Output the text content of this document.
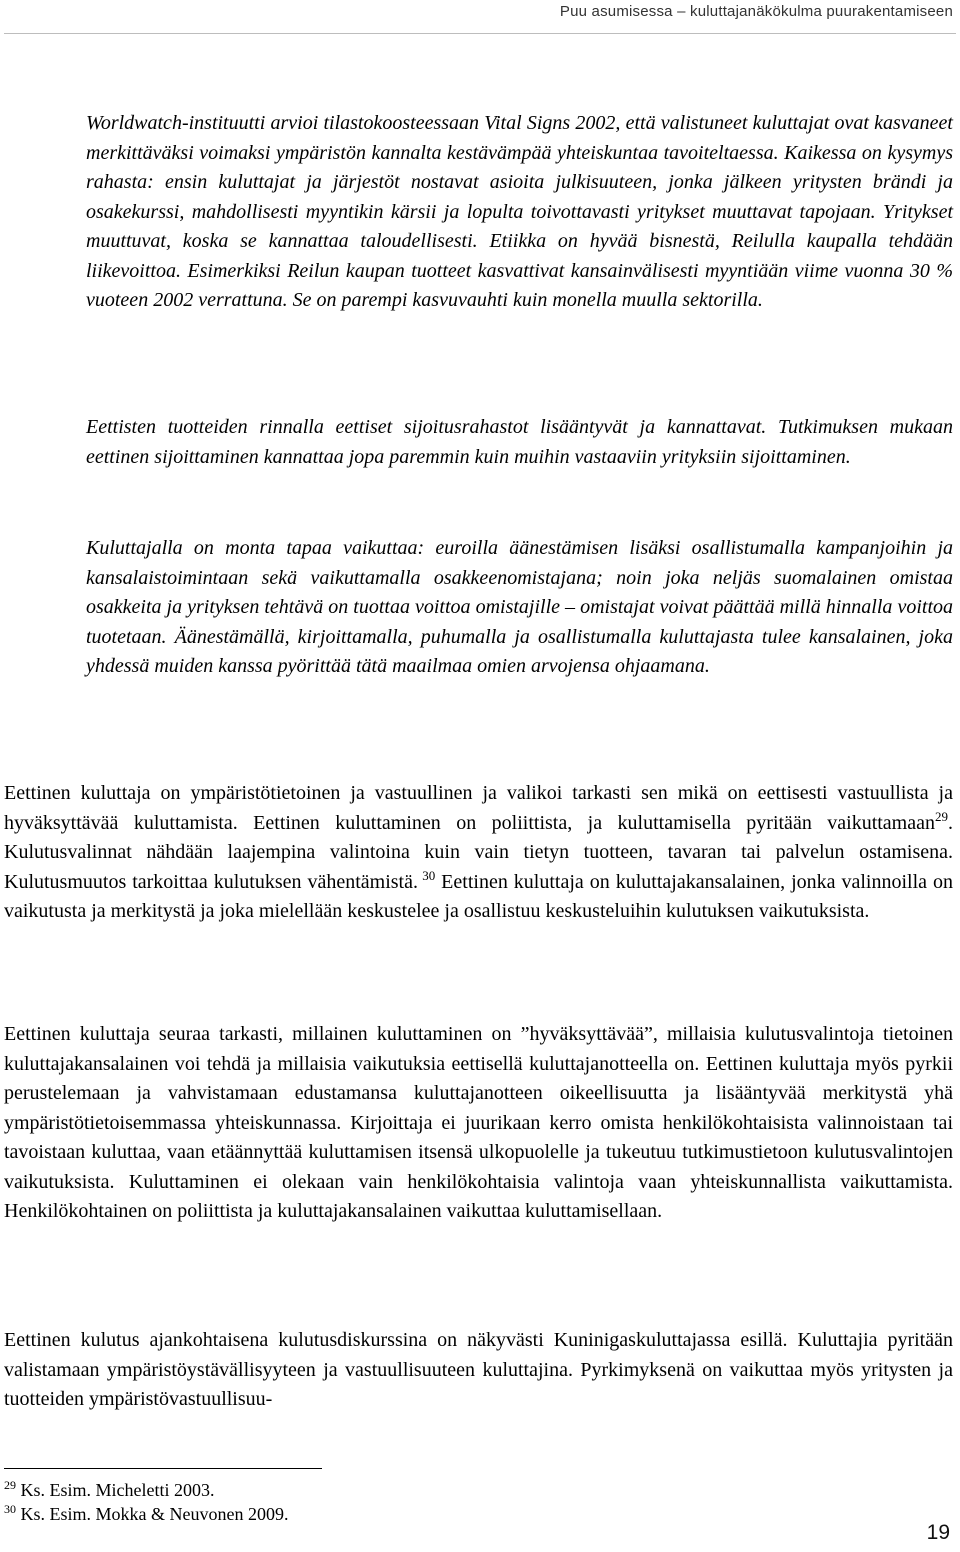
Puu asumisessa – kuluttajanäkökulma puurakentamiseen

Worldwatch-instituutti arvioi tilastokoosteessaan Vital Signs 2002, että valistuneet kuluttajat ovat kasvaneet merkittäväksi voimaksi ympäristön kannalta kestävämpää yhteiskuntaa tavoiteltaessa. Kaikessa on kysymys rahasta: ensin kuluttajat ja järjestöt nostavat asioita julkisuuteen, jonka jälkeen yritysten brändi ja osakekurssi, mahdollisesti myyntikin kärsii ja lopulta toivottavasti yritykset muuttavat tapojaan. Yritykset muuttuvat, koska se kannattaa taloudellisesti. Etiikka on hyvää bisnestä, Reilulla kaupalla tehdään liikevoittoa. Esimerkiksi Reilun kaupan tuotteet kasvattivat kansainvälisesti myyntiään viime vuonna 30 % vuoteen 2002 verrattuna. Se on parempi kasvuvauhti kuin monella muulla sektorilla.

Eettisten tuotteiden rinnalla eettiset sijoitusrahastot lisääntyvät ja kannattavat. Tutkimuksen mukaan eettinen sijoittaminen kannattaa jopa paremmin kuin muihin vastaaviin yrityksiin sijoittaminen.

Kuluttajalla on monta tapaa vaikuttaa: euroilla äänestämisen lisäksi osallistumalla kampanjoihin ja kansalaistoimintaan sekä vaikuttamalla osakkeenomistajana; noin joka neljäs suomalainen omistaa osakkeita ja yrityksen tehtävä on tuottaa voittoa omistajille – omistajat voivat päättää millä hinnalla voittoa tuotetaan. Äänestämällä, kirjoittamalla, puhumalla ja osallistumalla kuluttajasta tulee kansalainen, joka yhdessä muiden kanssa pyörittää tätä maailmaa omien arvojensa ohjaamana.

Eettinen kuluttaja on ympäristötietoinen ja vastuullinen ja valikoi tarkasti sen mikä on eettisesti vastuullista ja hyväksyttävää kuluttamista. Eettinen kuluttaminen on poliittista, ja kuluttamisella pyritään vaikuttamaan$^{29}$. Kulutusvalinnat nähdään laajempina valintoina kuin vain tietyn tuotteen, tavaran tai palvelun ostamisena. Kulutusmuutos tarkoittaa kulutuksen vähentämistä. $^{30}$ Eettinen kuluttaja on kuluttajakansalainen, jonka valinnoilla on vaikutusta ja merkitystä ja joka mielellään keskustelee ja osallistuu keskusteluihin kulutuksen vaikutuksista.

Eettinen kuluttaja seuraa tarkasti, millainen kuluttaminen on ”hyväksyttävää”, millaisia kulutusvalintoja tietoinen kuluttajakansalainen voi tehdä ja millaisia vaikutuksia eettisellä kuluttajanotteella on. Eettinen kuluttaja myös pyrkii perustelemaan ja vahvistamaan edustamansa kuluttajanotteen oikeellisuutta ja lisääntyvää merkitystä yhä ympäristötietoisemmassa yhteiskunnassa. Kirjoittaja ei juurikaan kerro omista henkilökohtaisista valinnoistaan tai tavoistaan kuluttaa, vaan etäännyttää kuluttamisen itsensä ulkopuolelle ja tukeutuu tutkimustietoon kulutusvalintojen vaikutuksista. Kuluttaminen ei olekaan vain henkilökohtaisia valintoja vaan yhteiskunnallista vaikuttamista. Henkilökohtainen on poliittista ja kuluttajakansalainen vaikuttaa kuluttamisellaan.

Eettinen kulutus ajankohtaisena kulutusdiskurssina on näkyvästi Kuninigaskuluttajassa esillä. Kuluttajia pyritään valistamaan ympäristöystävällisyyteen ja vastuullisuuteen kuluttajina. Pyrkimyksenä on vaikuttaa myös yritysten ja tuotteiden ympäristövastuullisuu-

$^{29}$ Ks. Esim. Micheletti 2003.
$^{30}$ Ks. Esim. Mokka & Neuvonen 2009.
19
